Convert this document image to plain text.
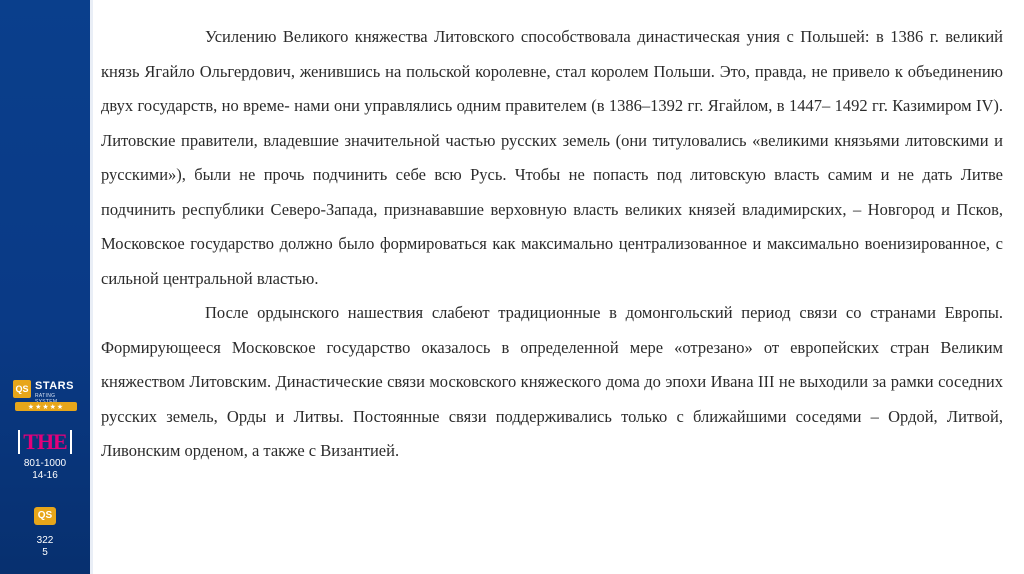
QS STARS
RATING
★★★★★
THE
801-1000
14-16
QS
322
5

Усилению Великого княжества Литовского способствовала династическая уния с Польшей: в 1386 г. великий князь Ягайло Ольгердович, женившись на польской королевне, стал королем Польши. Это, правда, не привело к объединению двух государств, но време- нами они управлялись одним правителем (в 1386–1392 гг. Ягайлом, в 1447– 1492 гг. Казимиром IV). Литовские правители, владевшие значительной частью русских земель (они титуловались «великими князьями литовскими и русскими»), были не прочь подчинить себе всю Русь. Чтобы не попасть под литовскую власть самим и не дать Литве подчинить республики Северо-Запада, признававшие верховную власть великих князей владимирских, – Новгород и Псков, Московское государство должно было формироваться как максимально централизованное и максимально военизированное, с сильной центральной властью.

После ордынского нашествия слабеют традиционные в домонгольский период связи со странами Европы. Формирующееся Московское государство оказалось в определенной мере «отрезано» от европейских стран Великим княжеством Литовским. Династические связи московского княжеского дома до эпохи Ивана III не выходили за рамки соседних русских земель, Орды и Литвы. Постоянные связи поддерживались только с ближайшими соседями – Ордой, Литвой, Ливонским орденом, а также с Византией.
